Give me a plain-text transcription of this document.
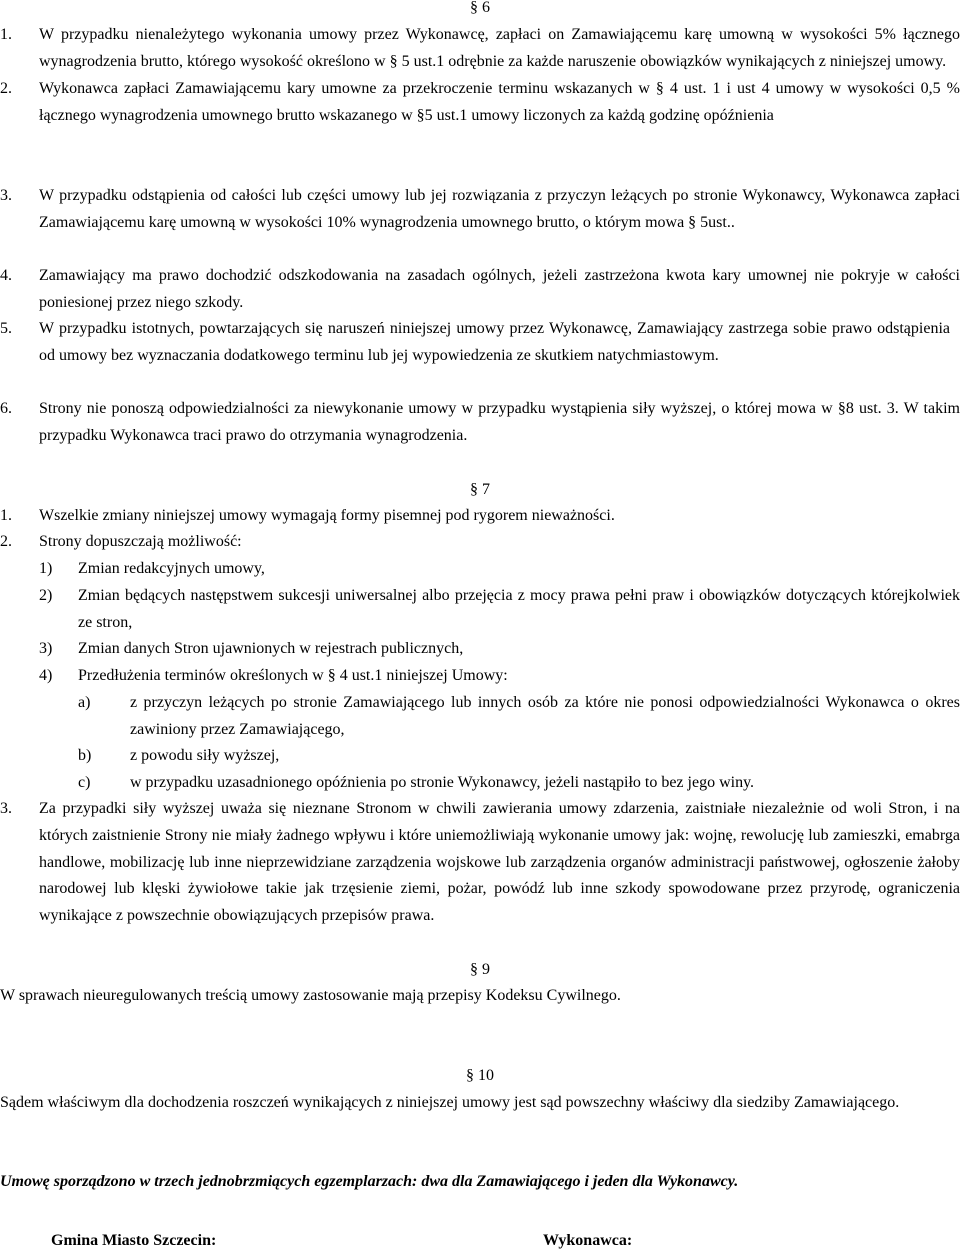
§ 6
1. W przypadku nienależytego wykonania umowy przez Wykonawcę, zapłaci on Zamawiającemu karę umowną w wysokości 5% łącznego wynagrodzenia brutto, którego wysokość określono w § 5 ust.1 odrębnie za każde naruszenie obowiązków wynikających z niniejszej umowy.
2. Wykonawca zapłaci Zamawiającemu kary umowne za przekroczenie terminu wskazanych w § 4 ust. 1 i ust 4 umowy w wysokości 0,5 % łącznego wynagrodzenia umownego brutto wskazanego w §5 ust.1 umowy liczonych za każdą godzinę opóźnienia
3. W przypadku odstąpienia od całości lub części umowy lub jej rozwiązania z przyczyn leżących po stronie Wykonawcy, Wykonawca zapłaci Zamawiającemu karę umowną w wysokości 10% wynagrodzenia umownego brutto, o którym mowa § 5ust..
4. Zamawiający ma prawo dochodzić odszkodowania na zasadach ogólnych, jeżeli zastrzeżona kwota kary umownej nie pokryje w całości poniesionej przez niego szkody.
5. W przypadku istotnych, powtarzających się naruszeń niniejszej umowy przez Wykonawcę, Zamawiający zastrzega sobie prawo odstąpienia od umowy bez wyznaczania dodatkowego terminu lub jej wypowiedzenia ze skutkiem natychmiastowym.
6. Strony nie ponoszą odpowiedzialności za niewykonanie umowy w przypadku wystąpienia siły wyższej, o której mowa w §8 ust. 3. W takim przypadku Wykonawca traci prawo do otrzymania wynagrodzenia.
§ 7
1. Wszelkie zmiany niniejszej umowy wymagają formy pisemnej pod rygorem nieważności.
2. Strony dopuszczają możliwość:
1) Zmian redakcyjnych umowy,
2) Zmian będących następstwem sukcesji uniwersalnej albo przejęcia z mocy prawa pełni praw i obowiązków dotyczących którejkolwiek ze stron,
3) Zmian danych Stron ujawnionych w rejestrach publicznych,
4) Przedłużenia terminów określonych w § 4 ust.1 niniejszej Umowy:
a) z przyczyn leżących po stronie Zamawiającego lub innych osób za które nie ponosi odpowiedzialności Wykonawca o okres zawiniony przez Zamawiającego,
b) z powodu siły wyższej,
c) w przypadku uzasadnionego opóźnienia po stronie Wykonawcy, jeżeli nastąpiło to bez jego winy.
3. Za przypadki siły wyższej uważa się nieznane Stronom w chwili zawierania umowy zdarzenia, zaistniałe niezależnie od woli Stron, i na których zaistnienie Strony nie miały żadnego wpływu i które uniemożliwiają wykonanie umowy jak: wojnę, rewolucję lub zamieszki, emabrga handlowe, mobilizację lub inne nieprzewidziane zarządzenia wojskowe lub zarządzenia organów administracji państwowej, ogłoszenie żałoby narodowej lub klęski żywiołowe takie jak trzęsienie ziemi, pożar, powódź lub inne szkody spowodowane przez przyrodę, ograniczenia wynikające z powszechnie obowiązujących przepisów prawa.
§ 9
W sprawach nieuregulowanych treścią umowy zastosowanie mają przepisy Kodeksu Cywilnego.
§ 10
Sądem właściwym dla dochodzenia roszczeń wynikających z niniejszej umowy jest sąd powszechny właściwy dla siedziby Zamawiającego.
Umowę sporządzono w trzech jednobrzmiących egzemplarzach: dwa dla Zamawiającego i jeden dla Wykonawcy.
Gmina Miasto Szczecin:	Wykonawca:
